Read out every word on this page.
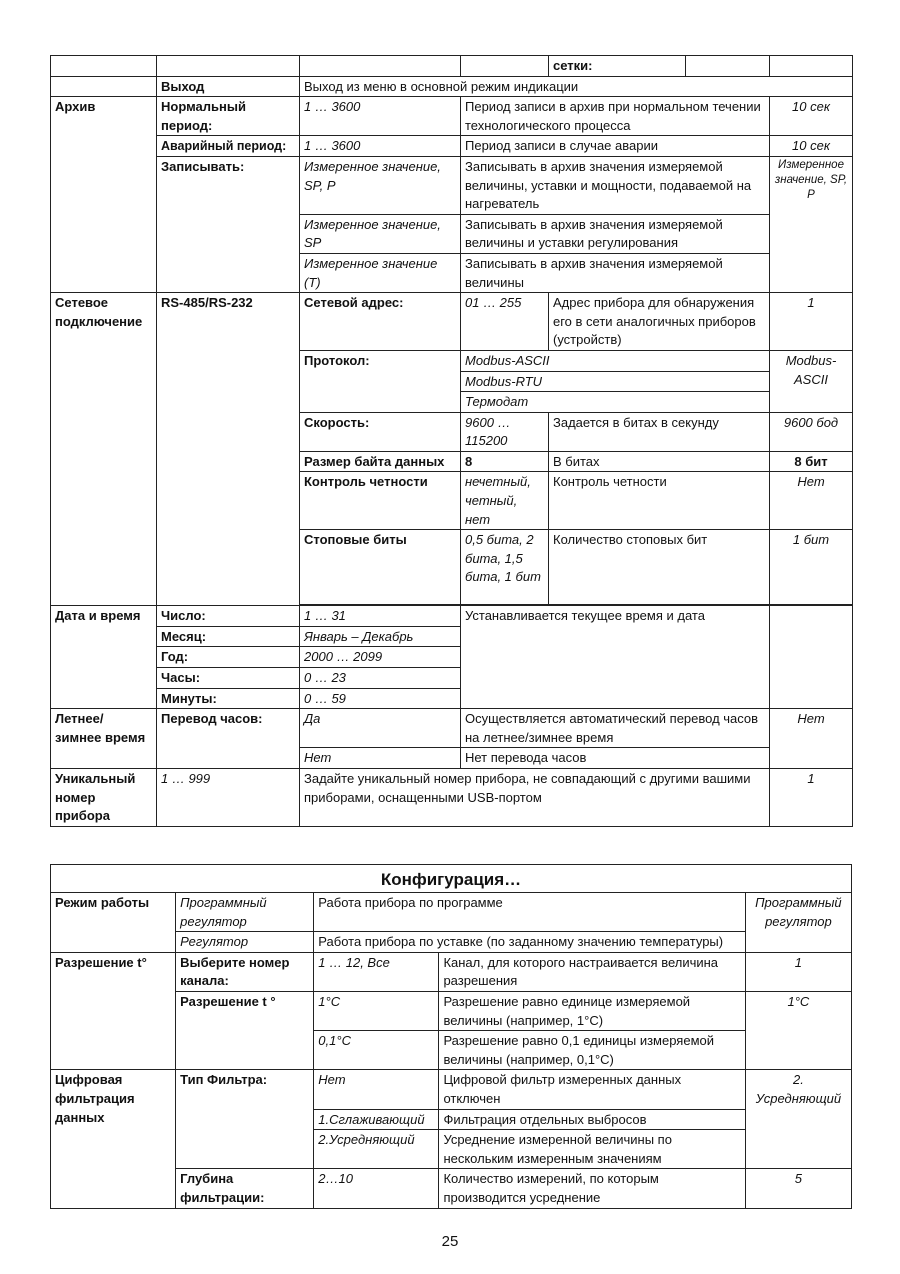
				сетки:		
	Выход	Выход из меню в основной режим индикации				
Архив	Нормальный период:	1 … 3600	Период записи в архив при нормальном течении технологического процесса			10 сек
	Аварийный период:	1 … 3600	Период записи в случае аварии			10 сек
	Записывать:	Измеренное значение, SP, P	Записывать в архив значения измеряемой величины, уставки и мощности, подаваемой на нагреватель			Измеренное значение, SP, P
		Измеренное значение, SP	Записывать в архив значения измеряемой величины и уставки регулирования			
		Измеренное значение (Т)	Записывать в архив значения измеряемой величины			
Сетевое подключение	RS-485/RS-232	Сетевой адрес:	01 … 255	Адрес прибора для обнаружения его в сети аналогичных приборов (устройств)		1
		Протокол:	Modbus-ASCII			Modbus-ASCII
			Modbus-RTU			
			Термодат			
		Скорость:	9600 …115200	Задается в битах в секунду		9600 бод
		Размер байта данных	8	В битах		8 бит
		Контроль четности	нечетный, четный, нет	Контроль четности		Нет
		Стоповые биты	0,5 бита, 2 бита, 1,5 бита, 1 бит	Количество стоповых бит		1 бит

Дата и время	Число:	1 … 31	Устанавливается текущее время и дата			
	Месяц:	Январь – Декабрь				
	Год:	2000 … 2099				
	Часы:	0 … 23				
	Минуты:	0 … 59				
Летнее/ зимнее время	Перевод часов:	Да	Осуществляется автоматический перевод часов на летнее/зимнее время			Нет
		Нет	Нет перевода часов			
Уникальный номер прибора	1 … 999	Задайте уникальный номер прибора, не совпадающий с другими вашими приборами, оснащенными USB-портом				1
Конфигурация…				
Режим работы	Программный регулятор	Работа прибора по программе		Программный регулятор
	Регулятор	Работа прибора по уставке (по заданному значению температуры)		
Разрешение t°	Выберите номер канала:	1 … 12, Все	Канал, для которого настраивается величина разрешения	1
	Разрешение t °	1°С	Разрешение равно единице измеряемой величины (например, 1°С)	1°С
		0,1°С	Разрешение равно 0,1 единицы измеряемой величины (например, 0,1°С)	
Цифровая фильтрация данных	Тип Фильтра:	Нет	Цифровой фильтр измеренных данных отключен	2. Усредняющий
		1.Сглаживающий	Фильтрация отдельных выбросов	
		2.Усредняющий	Усреднение измеренной величины по нескольким измеренным значениям	
	Глубина фильтрации:	2…10	Количество измерений, по которым производится усреднение	5
25
